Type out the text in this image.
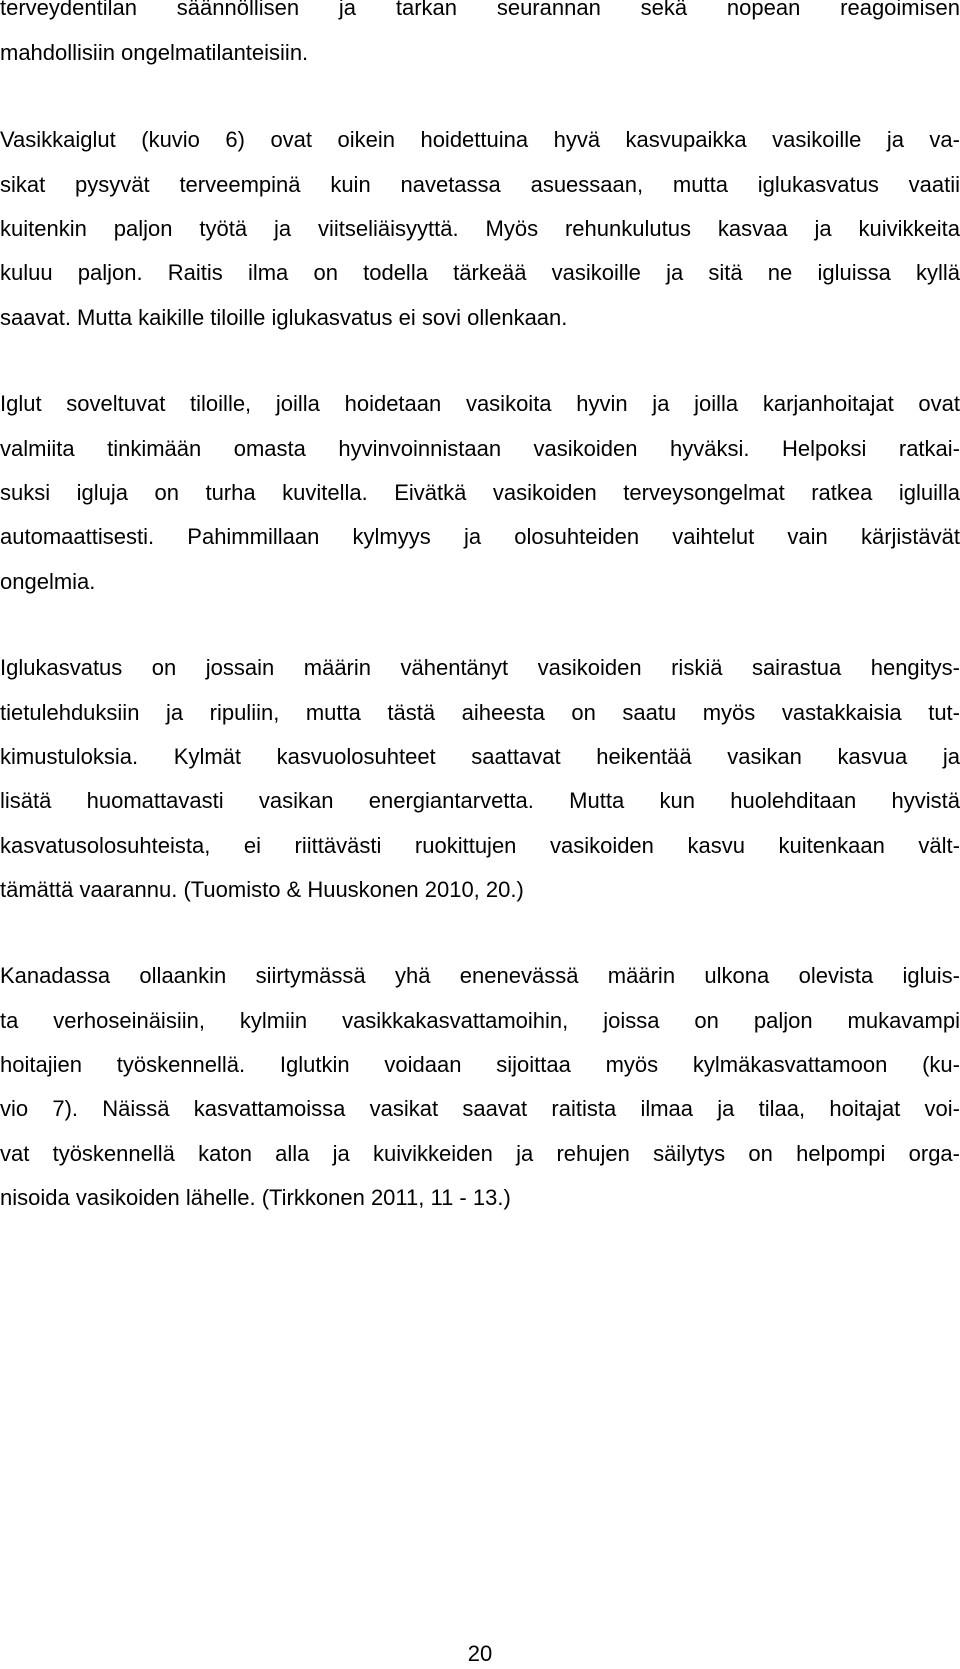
terveydentilan säännöllisen ja tarkan seurannan sekä nopean reagoimisen

mahdollisiin ongelmatilanteisiin.

Vasikkaiglut (kuvio 6) ovat oikein hoidettuina hyvä kasvupaikka vasikoille ja va-

sikat pysyvät terveempinä kuin navetassa asuessaan, mutta iglukasvatus vaatii

kuitenkin paljon työtä ja viitseliäisyyttä. Myös rehunkulutus kasvaa ja kuivikkeita

kuluu paljon. Raitis ilma on todella tärkeää vasikoille ja sitä ne igluissa kyllä

saavat. Mutta kaikille tiloille iglukasvatus ei sovi ollenkaan.

Iglut soveltuvat tiloille, joilla hoidetaan vasikoita hyvin ja joilla karjanhoitajat ovat

valmiita tinkimään omasta hyvinvoinnistaan vasikoiden hyväksi. Helpoksi ratkai-

suksi igluja on turha kuvitella. Eivätkä vasikoiden terveysongelmat ratkea igluilla

automaattisesti. Pahimmillaan kylmyys ja olosuhteiden vaihtelut vain kärjistävät

ongelmia.

Iglukasvatus on jossain määrin vähentänyt vasikoiden riskiä sairastua hengitys-

tietulehduksiin ja ripuliin, mutta tästä aiheesta on saatu myös vastakkaisia tut-

kimustuloksia. Kylmät kasvuolosuhteet saattavat heikentää vasikan kasvua ja

lisätä huomattavasti vasikan energiantarvetta. Mutta kun huolehditaan hyvistä

kasvatusolosuhteista, ei riittävästi ruokittujen vasikoiden kasvu kuitenkaan vält-

tämättä vaarannu. (Tuomisto & Huuskonen 2010, 20.)

Kanadassa ollaankin siirtymässä yhä enenevässä määrin ulkona olevista igluis-

ta verhoseinäisiin, kylmiin vasikkakasvattamoihin, joissa on paljon mukavampi

hoitajien työskennellä. Iglutkin voidaan sijoittaa myös kylmäkasvattamoon (ku-

vio 7). Näissä kasvattamoissa vasikat saavat raitista ilmaa ja tilaa, hoitajat voi-

vat työskennellä katon alla ja kuivikkeiden ja rehujen säilytys on helpompi orga-

nisoida vasikoiden lähelle. (Tirkkonen 2011, 11 - 13.)

20
